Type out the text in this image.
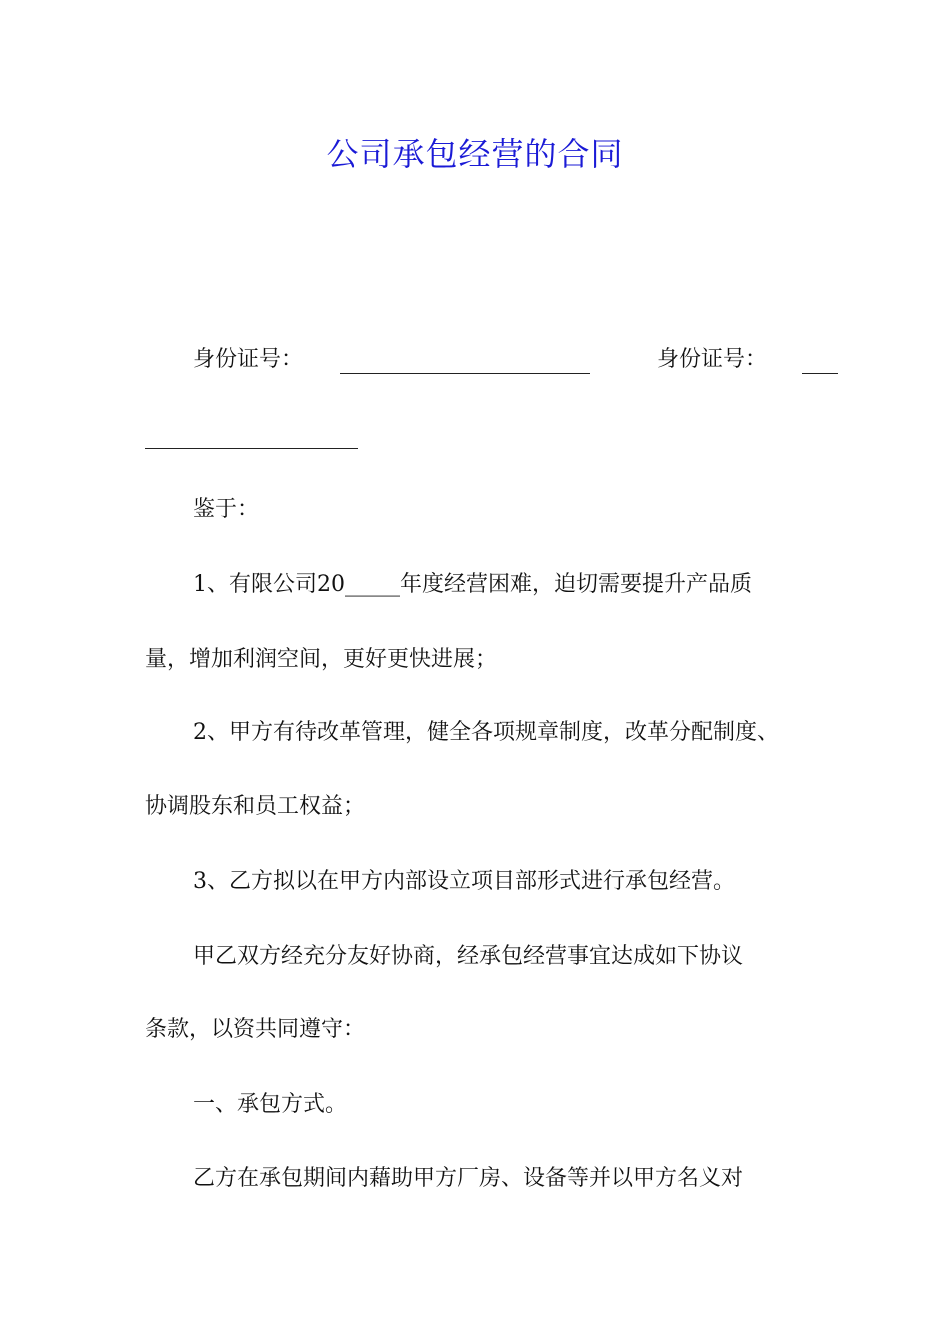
公司承包经营的合同
身份证号：	身份证号：
鉴于：
1、有限公司20_____年度经营困难，迫切需要提升产品质
量，增加利润空间，更好更快进展；
2、甲方有待改革管理，健全各项规章制度，改革分配制度、
协调股东和员工权益；
3、乙方拟以在甲方内部设立项目部形式进行承包经营。
甲乙双方经充分友好协商，经承包经营事宜达成如下协议
条款，以资共同遵守：
一、承包方式。
乙方在承包期间内藉助甲方厂房、设备等并以甲方名义对
